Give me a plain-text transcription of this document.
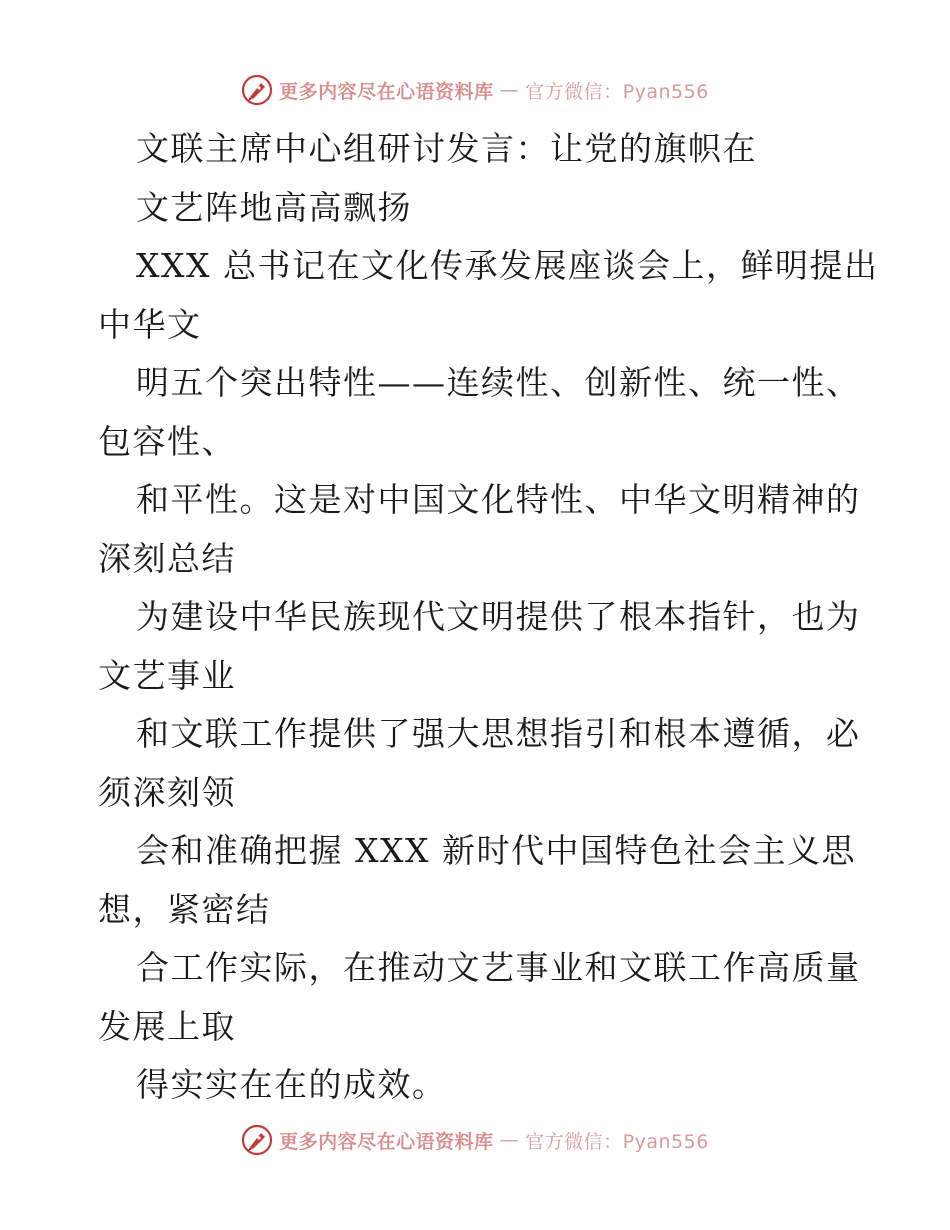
更多内容尽在心语资料库 — 官方微信：Pyan556

文联主席中心组研讨发言：让党的旗帜在

文艺阵地高高飘扬

XXX 总书记在文化传承发展座谈会上，鲜明提出

中华文

明五个突出特性——连续性、创新性、统一性、

包容性、

和平性。这是对中国文化特性、中华文明精神的

深刻总结

为建设中华民族现代文明提供了根本指针，也为

文艺事业

和文联工作提供了强大思想指引和根本遵循，必

须深刻领

会和准确把握 XXX 新时代中国特色社会主义思

想，紧密结

合工作实际，在推动文艺事业和文联工作高质量

发展上取

得实实在在的成效。

更多内容尽在心语资料库 — 官方微信：Pyan556
